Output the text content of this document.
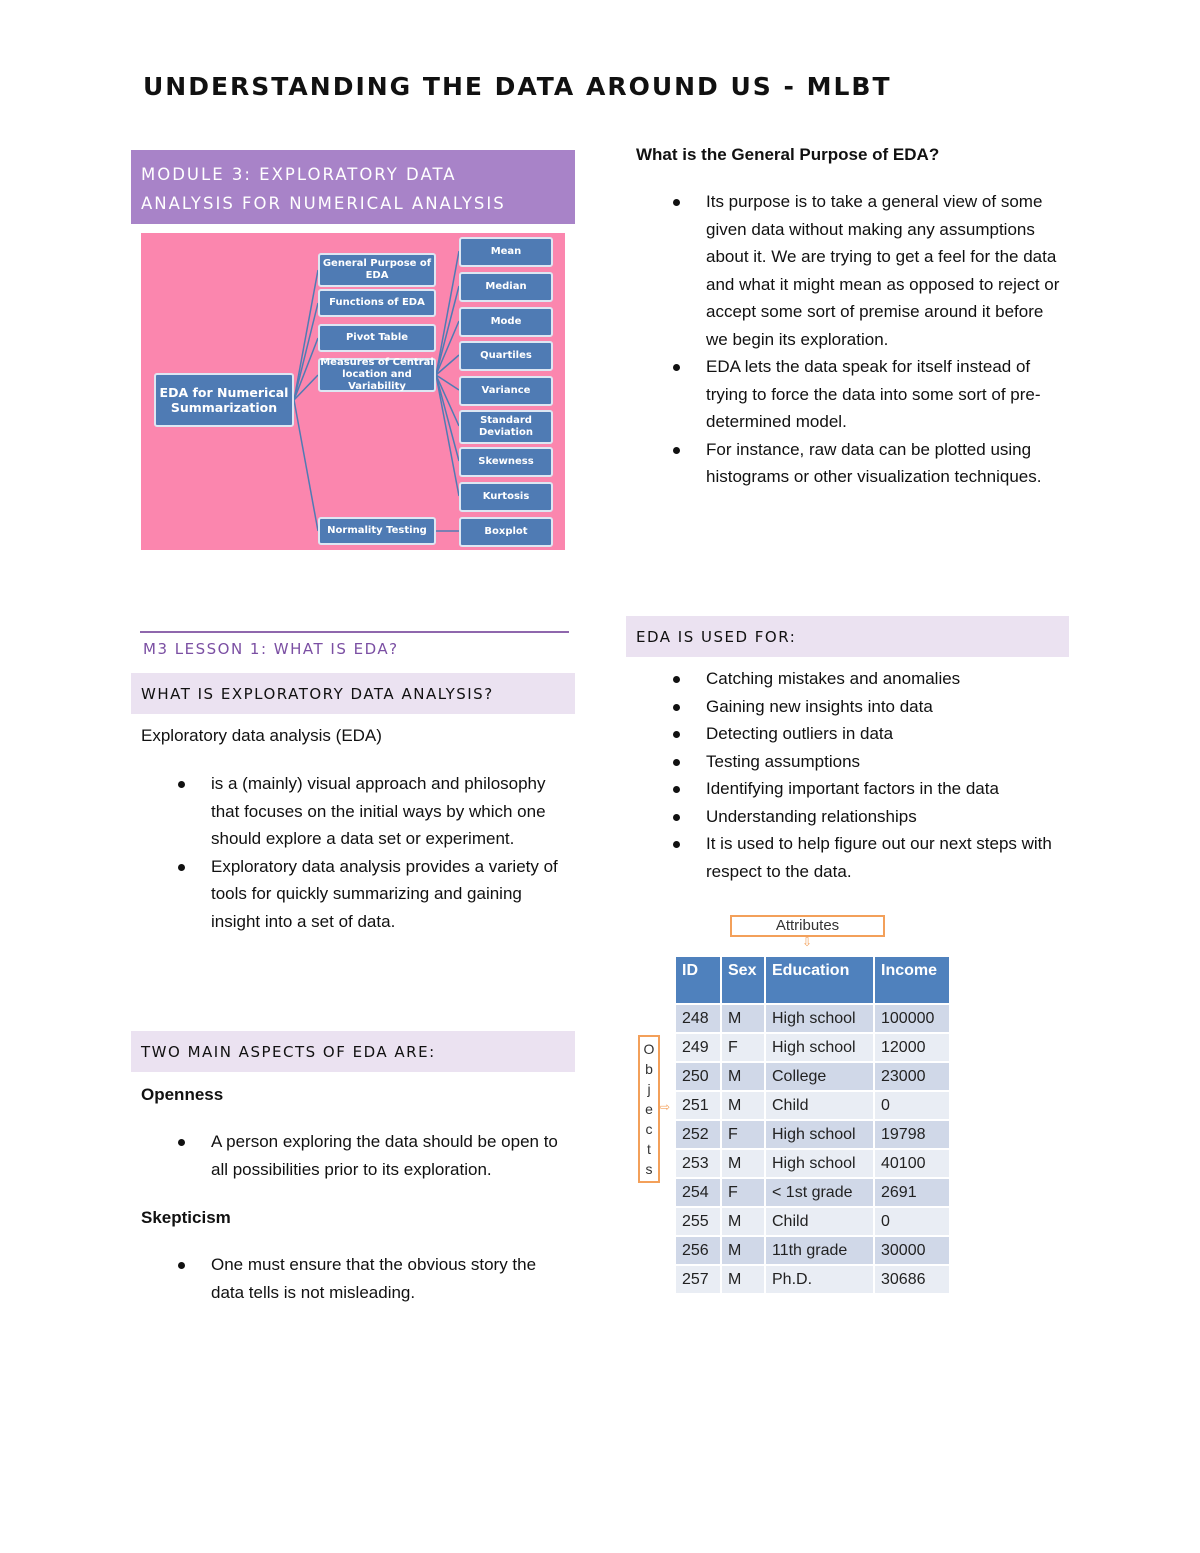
UNDERSTANDING THE DATA AROUND US - MLBT
MODULE 3: EXPLORATORY DATA
ANALYSIS FOR NUMERICAL ANALYSIS
EDA for Numerical Summarization
General Purpose of EDA
Functions of EDA
Pivot Table
Measures of Central location and Variability
Normality Testing
Mean
Median
Mode
Quartiles
Variance
Standard Deviation
Skewness
Kurtosis
Boxplot
M3 LESSON 1: WHAT IS EDA?
WHAT IS EXPLORATORY DATA ANALYSIS?
Exploratory data analysis (EDA)
is a (mainly) visual approach and philosophy that focuses on the initial ways by which one should explore a data set or experiment.
Exploratory data analysis provides a variety of tools for quickly summarizing and gaining insight into a set of data.
TWO MAIN ASPECTS OF EDA ARE:
Openness
A person exploring the data should be open to all possibilities prior to its exploration.
Skepticism
One must ensure that the obvious story the data tells is not misleading.
What is the General Purpose of EDA?
Its purpose is to take a general view of some given data without making any assumptions about it. We are trying to get a feel for the data and what it might mean as opposed to reject or accept some sort of premise around it before we begin its exploration.
EDA lets the data speak for itself instead of trying to force the data into some sort of pre-determined model.
For instance, raw data can be plotted using histograms or other visualization techniques.
EDA IS USED FOR:
Catching mistakes and anomalies
Gaining new insights into data
Detecting outliers in data
Testing assumptions
Identifying important factors in the data
Understanding relationships
It is used to help figure out our next steps with respect to the data.
Attributes
⇩
O
b
j
e
c
t
s
⇨
ID	Sex	Education	Income
248	M	High school	100000
249	F	High school	12000
250	M	College	23000
251	M	Child	0
252	F	High school	19798
253	M	High school	40100
254	F	< 1st grade	2691
255	M	Child	0
256	M	11th grade	30000
257	M	Ph.D.	30686
